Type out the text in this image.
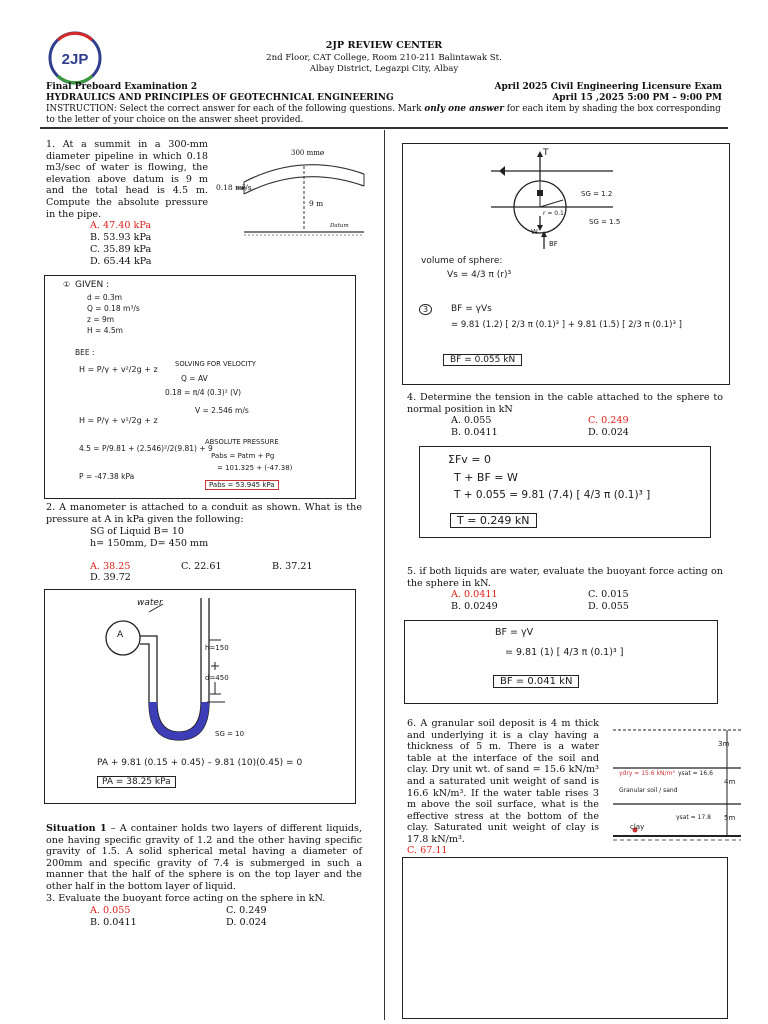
2JP
2JP REVIEW CENTER
2nd Floor, CAT College, Room 210-211 Balintawak St.
Albay District, Legazpi City, Albay
Final Preboard Examination 2
HYDRAULICS AND PRINCIPLES OF GEOTECHNICAL ENGINEERING
April 2025 Civil Engineering Licensure Exam
April 15 ,2025 5:00 PM – 9:00 PM
INSTRUCTION: Select the correct answer for each of the following questions. Mark only one answer for each item by shading the box corresponding to the letter of your choice on the answer sheet provided.
1. At a summit in a 300-mm diameter pipeline in which 0.18 m3/sec of water is flowing, the elevation above datum is 9 m and the total head is 4.5 m. Compute the absolute pressure in the pipe.
A. 47.40 kPa
B. 53.93 kPa
C. 35.89 kPa
D. 65.44 kPa
300 mmø
0.18 m³/s
9 m
Datum
① GIVEN :
d = 0.3m
Q = 0.18 m³/s
z = 9m
H = 4.5m
BEE :
H = P/γ + v²/2g + z
H = P/γ + v²/2g + z
4.5 = P/9.81 + (2.546)²/2(9.81) + 9
P = -47.38 kPa
SOLVING FOR VELOCITY
Q = AV
0.18 = π/4 (0.3)² (V)
V = 2.546 m/s
ABSOLUTE PRESSURE
Pabs = Patm + Pg
= 101.325 + (-47.38)
Pabs = 53.945 kPa
2. A manometer is attached to a conduit as shown. What is the pressure at A in kPa given the following:
SG of Liquid B= 10
h= 150mm, D= 450 mm
A. 38.25	C. 22.61	B. 37.21
D. 39.72
A
water
h=150
d=450
SG = 10
PA + 9.81 (0.15 + 0.45) – 9.81 (10)(0.45) = 0
PA = 38.25 kPa
Situation 1 – A container holds two layers of different liquids, one having specific gravity of 1.2 and the other having specific gravity of 1.5. A solid spherical metal having a diameter of 200mm and specific gravity of 7.4 is submerged in such a manner that the half of the sphere is on the top layer and the other half in the bottom layer of liquid.
3. Evaluate the buoyant force acting on the sphere in kN.
A. 0.055	C. 0.249
B. 0.0411	D. 0.024
T
W
BF
SG = 1.2
SG = 1.5
r = 0.1
volume of sphere:
Vs = 4/3 π (r)³
3	BF = γVs
= 9.81 (1.2) [ 2/3 π (0.1)³ ] + 9.81 (1.5) [ 2/3 π (0.1)³ ]
BF = 0.055 kN
4. Determine the tension in the cable attached to the sphere to normal position in kN
A. 0.055	C. 0.249
B. 0.0411	D. 0.024
ΣFv = 0
T + BF = W
T + 0.055 = 9.81 (7.4) [ 4/3 π (0.1)³ ]
T = 0.249 kN
5. if both liquids are water, evaluate the buoyant force acting on the sphere in kN.
A. 0.0411	C. 0.015
B. 0.0249	D. 0.055
BF = γV
= 9.81 (1) [ 4/3 π (0.1)³ ]
BF = 0.041 kN
6. A granular soil deposit is 4 m thick and underlying it is a clay having a thickness of 5 m. There is a water table at the interface of the soil and clay. Dry unit wt. of sand = 15.6 kN/m³ and a saturated unit weight of sand is 16.6 kN/m³. If the water table rises 3 m above the soil surface, what is the effective stress at the bottom of the clay. Saturated unit weight of clay is 17.8 kN/m³.
C. 67.11
3m
4m
5m
γdry = 15.6 kN/m³ γsat = 16.6
Granular soil / sand
clay
γsat = 17.8
